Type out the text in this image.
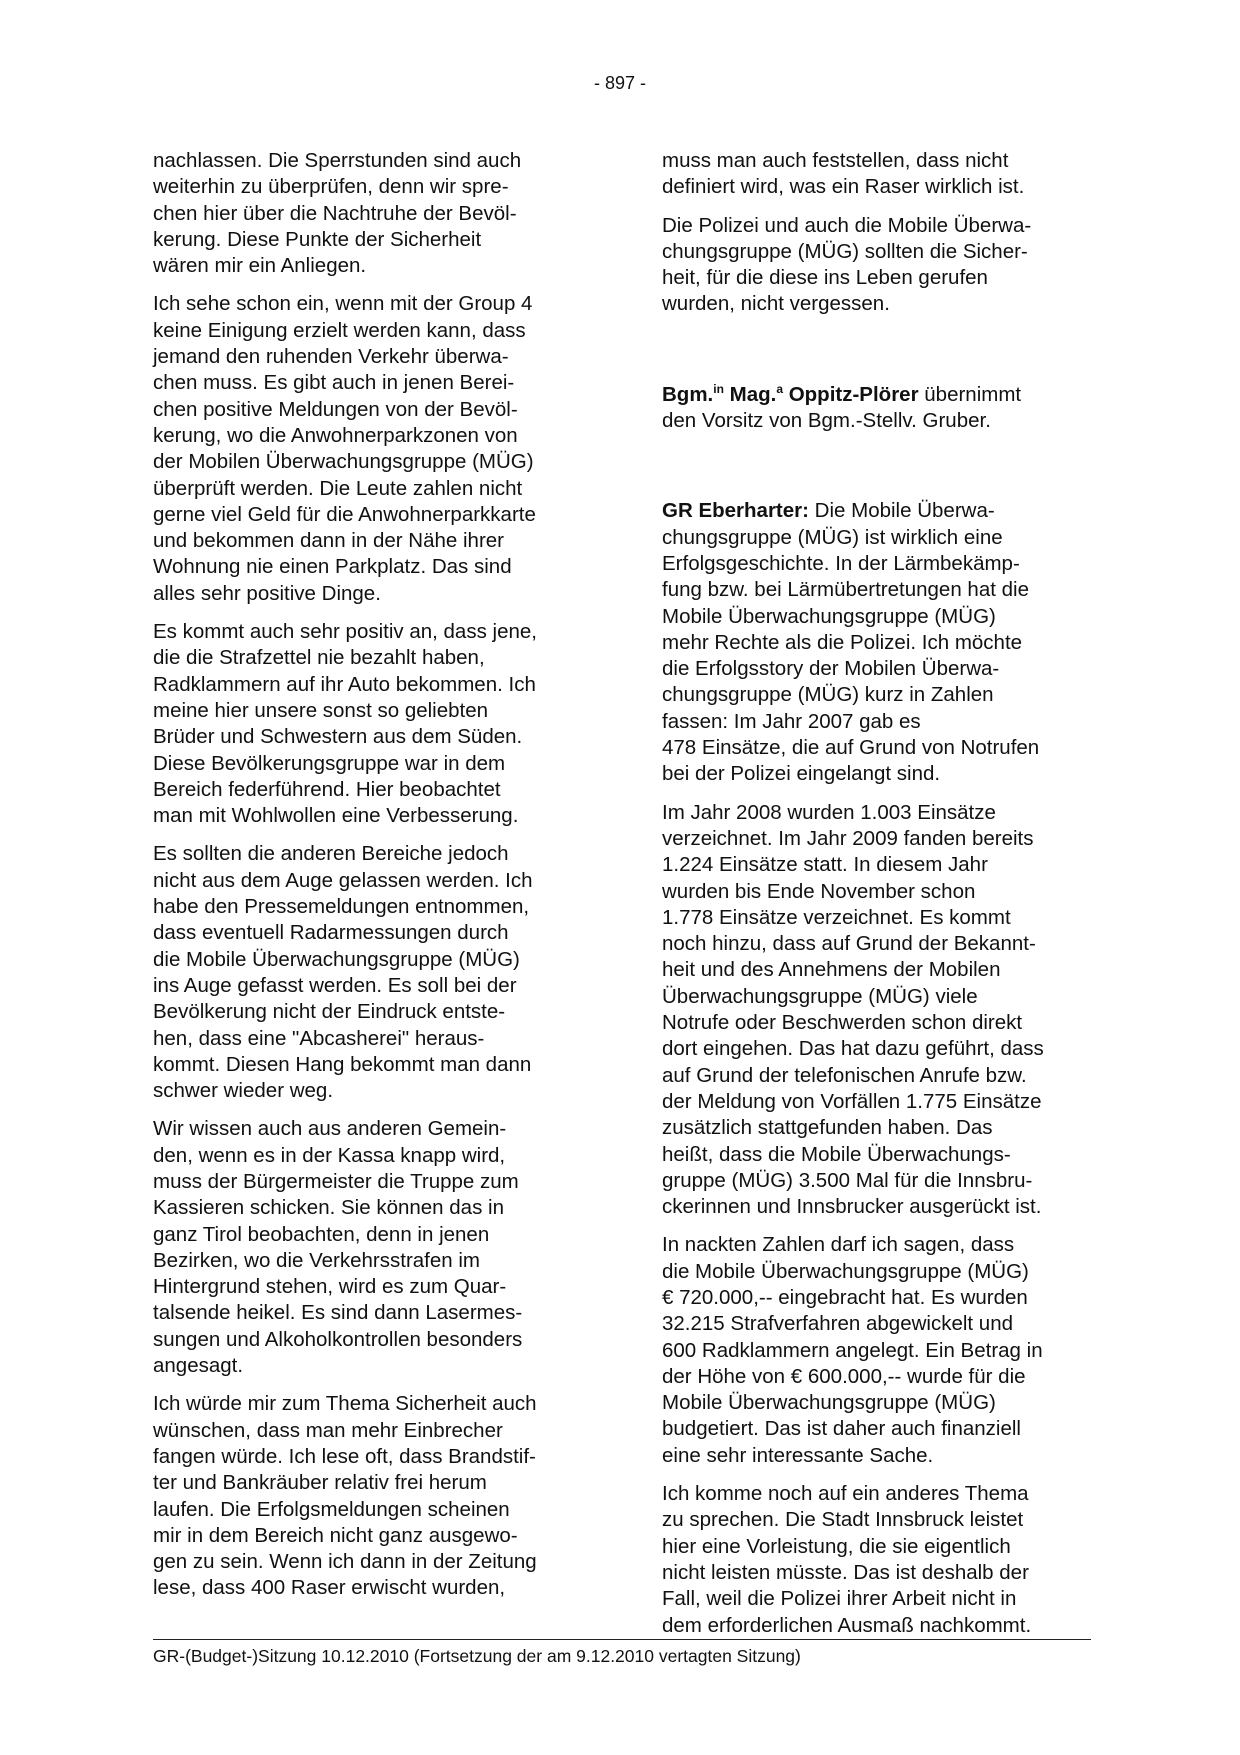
- 897 -
nachlassen. Die Sperrstunden sind auch
weiterhin zu überprüfen, denn wir spre-
chen hier über die Nachtruhe der Bevöl-
kerung. Diese Punkte der Sicherheit
wären mir ein Anliegen.
Ich sehe schon ein, wenn mit der Group 4
keine Einigung erzielt werden kann, dass
jemand den ruhenden Verkehr überwa-
chen muss. Es gibt auch in jenen Berei-
chen positive Meldungen von der Bevöl-
kerung, wo die Anwohnerparkzonen von
der Mobilen Überwachungsgruppe (MÜG)
überprüft werden. Die Leute zahlen nicht
gerne viel Geld für die Anwohnerparkkarte
und bekommen dann in der Nähe ihrer
Wohnung nie einen Parkplatz. Das sind
alles sehr positive Dinge.
Es kommt auch sehr positiv an, dass jene,
die die Strafzettel nie bezahlt haben,
Radklammern auf ihr Auto bekommen. Ich
meine hier unsere sonst so geliebten
Brüder und Schwestern aus dem Süden.
Diese Bevölkerungsgruppe war in dem
Bereich federführend. Hier beobachtet
man mit Wohlwollen eine Verbesserung.
Es sollten die anderen Bereiche jedoch
nicht aus dem Auge gelassen werden. Ich
habe den Pressemeldungen entnommen,
dass eventuell Radarmessungen durch
die Mobile Überwachungsgruppe (MÜG)
ins Auge gefasst werden. Es soll bei der
Bevölkerung nicht der Eindruck entste-
hen, dass eine "Abcasherei" heraus-
kommt. Diesen Hang bekommt man dann
schwer wieder weg.
Wir wissen auch aus anderen Gemein-
den, wenn es in der Kassa knapp wird,
muss der Bürgermeister die Truppe zum
Kassieren schicken. Sie können das in
ganz Tirol beobachten, denn in jenen
Bezirken, wo die Verkehrsstrafen im
Hintergrund stehen, wird es zum Quar-
talsende heikel. Es sind dann Lasermes-
sungen und Alkoholkontrollen besonders
angesagt.
Ich würde mir zum Thema Sicherheit auch
wünschen, dass man mehr Einbrecher
fangen würde. Ich lese oft, dass Brandstif-
ter und Bankräuber relativ frei herum
laufen. Die Erfolgsmeldungen scheinen
mir in dem Bereich nicht ganz ausgewo-
gen zu sein. Wenn ich dann in der Zeitung
lese, dass 400 Raser erwischt wurden,
muss man auch feststellen, dass nicht
definiert wird, was ein Raser wirklich ist.
Die Polizei und auch die Mobile Überwa-
chungsgruppe (MÜG) sollten die Sicher-
heit, für die diese ins Leben gerufen
wurden, nicht vergessen.
Bgm.$^{in}$ Mag.$^a$ Oppitz-Plörer übernimmt
den Vorsitz von Bgm.-Stellv. Gruber.
GR Eberharter: Die Mobile Überwa-
chungsgruppe (MÜG) ist wirklich eine
Erfolgsgeschichte. In der Lärmbekämp-
fung bzw. bei Lärmübertretungen hat die
Mobile Überwachungsgruppe (MÜG)
mehr Rechte als die Polizei. Ich möchte
die Erfolgsstory der Mobilen Überwa-
chungsgruppe (MÜG) kurz in Zahlen
fassen: Im Jahr 2007 gab es
478 Einsätze, die auf Grund von Notrufen
bei der Polizei eingelangt sind.
Im Jahr 2008 wurden 1.003 Einsätze
verzeichnet. Im Jahr 2009 fanden bereits
1.224 Einsätze statt. In diesem Jahr
wurden bis Ende November schon
1.778 Einsätze verzeichnet. Es kommt
noch hinzu, dass auf Grund der Bekannt-
heit und des Annehmens der Mobilen
Überwachungsgruppe (MÜG) viele
Notrufe oder Beschwerden schon direkt
dort eingehen. Das hat dazu geführt, dass
auf Grund der telefonischen Anrufe bzw.
der Meldung von Vorfällen 1.775 Einsätze
zusätzlich stattgefunden haben. Das
heißt, dass die Mobile Überwachungs-
gruppe (MÜG) 3.500 Mal für die Innsbru-
ckerinnen und Innsbrucker ausgerückt ist.
In nackten Zahlen darf ich sagen, dass
die Mobile Überwachungsgruppe (MÜG)
€ 720.000,-- eingebracht hat. Es wurden
32.215 Strafverfahren abgewickelt und
600 Radklammern angelegt. Ein Betrag in
der Höhe von € 600.000,-- wurde für die
Mobile Überwachungsgruppe (MÜG)
budgetiert. Das ist daher auch finanziell
eine sehr interessante Sache.
Ich komme noch auf ein anderes Thema
zu sprechen. Die Stadt Innsbruck leistet
hier eine Vorleistung, die sie eigentlich
nicht leisten müsste. Das ist deshalb der
Fall, weil die Polizei ihrer Arbeit nicht in
dem erforderlichen Ausmaß nachkommt.
GR-(Budget-)Sitzung 10.12.2010 (Fortsetzung der am 9.12.2010 vertagten Sitzung)
